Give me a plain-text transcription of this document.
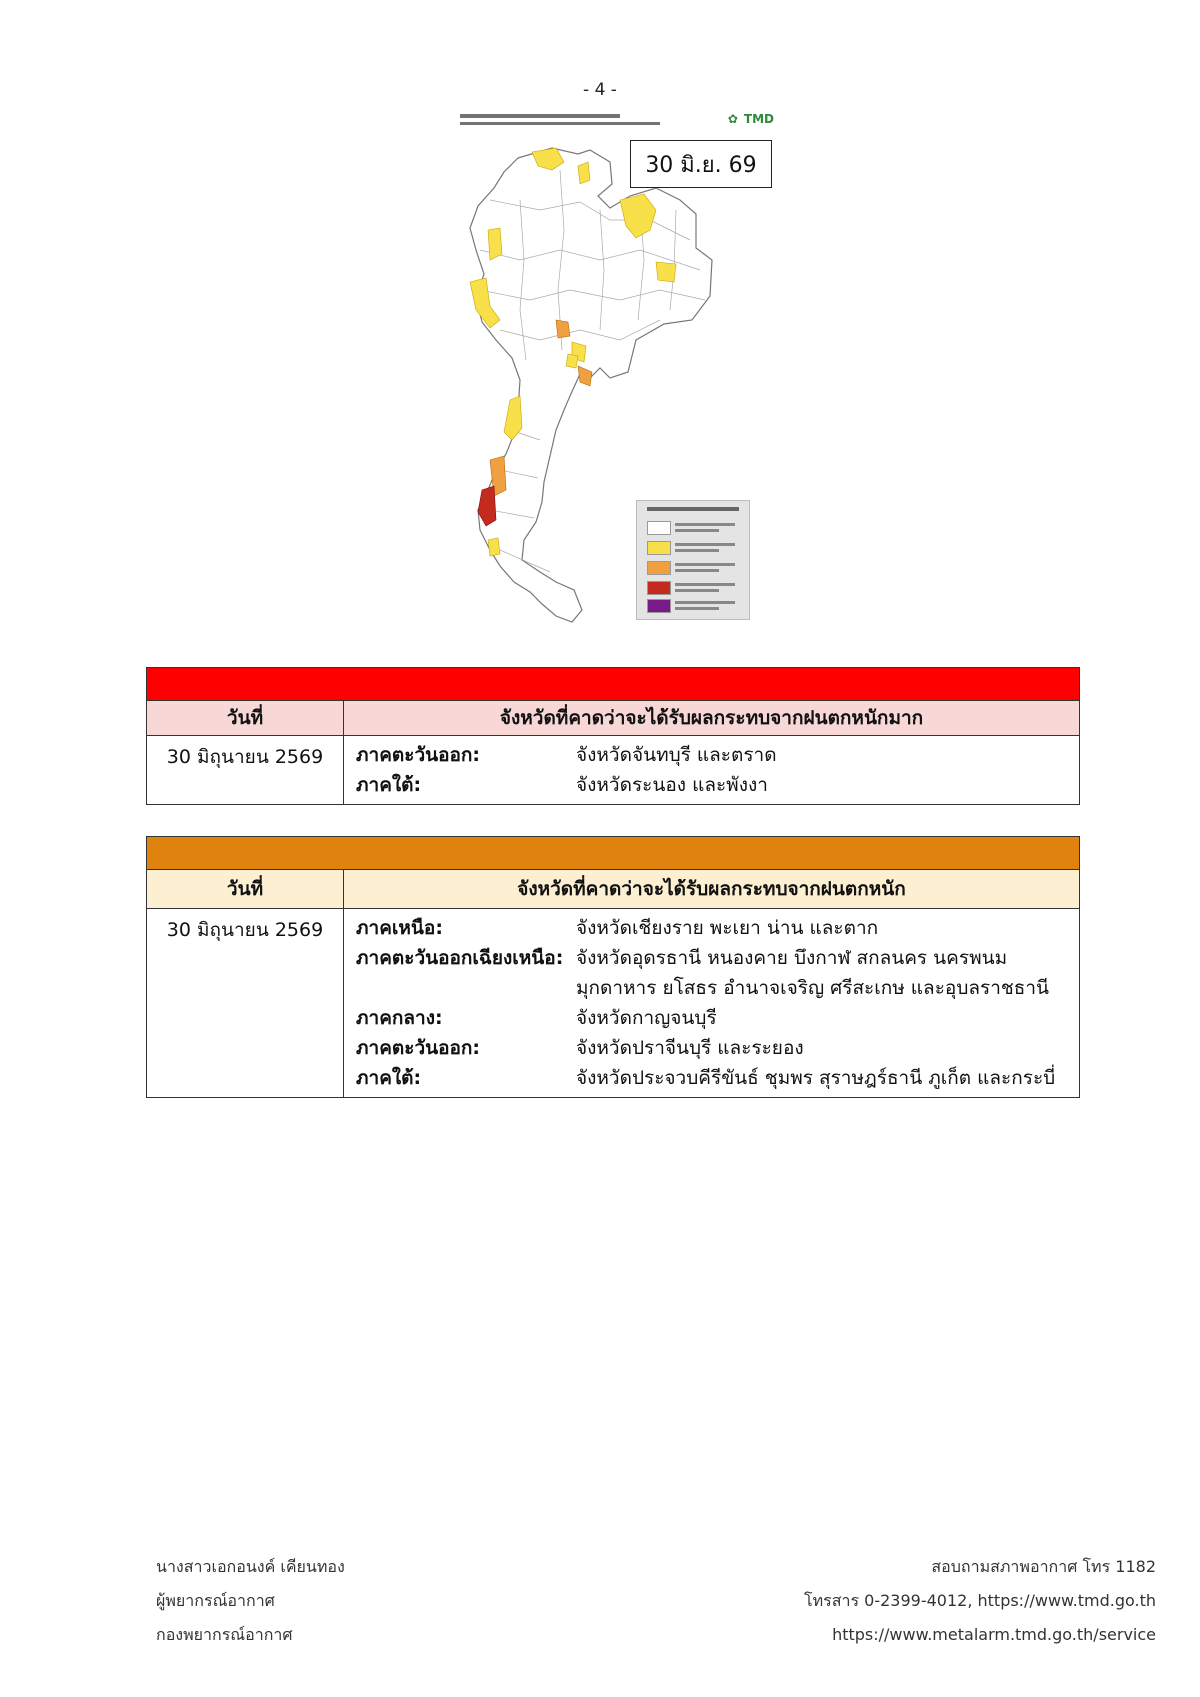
- 4 -
✿ TMD
30 มิ.ย. 69
วันที่	จังหวัดที่คาดว่าจะได้รับผลกระทบจากฝนตกหนักมาก
30 มิถุนายน 2569	ภาคตะวันออก:	จังหวัดจันทบุรี และตราด
ภาคใต้:	จังหวัดระนอง และพังงา
วันที่	จังหวัดที่คาดว่าจะได้รับผลกระทบจากฝนตกหนัก
30 มิถุนายน 2569	ภาคเหนือ:	จังหวัดเชียงราย พะเยา น่าน และตาก
ภาคตะวันออกเฉียงเหนือ: จังหวัดอุดรธานี หนองคาย บึงกาฬ สกลนคร นครพนม
มุกดาหาร ยโสธร อำนาจเจริญ ศรีสะเกษ และอุบลราชธานี
ภาคกลาง:	จังหวัดกาญจนบุรี
ภาคตะวันออก:	จังหวัดปราจีนบุรี และระยอง
ภาคใต้:	จังหวัดประจวบคีรีขันธ์ ชุมพร สุราษฎร์ธานี ภูเก็ต และกระบี่
นางสาวเอกอนงค์ เคียนทอง
ผู้พยากรณ์อากาศ
กองพยากรณ์อากาศ
สอบถามสภาพอากาศ โทร 1182
โทรสาร 0-2399-4012, https://www.tmd.go.th
https://www.metalarm.tmd.go.th/service
